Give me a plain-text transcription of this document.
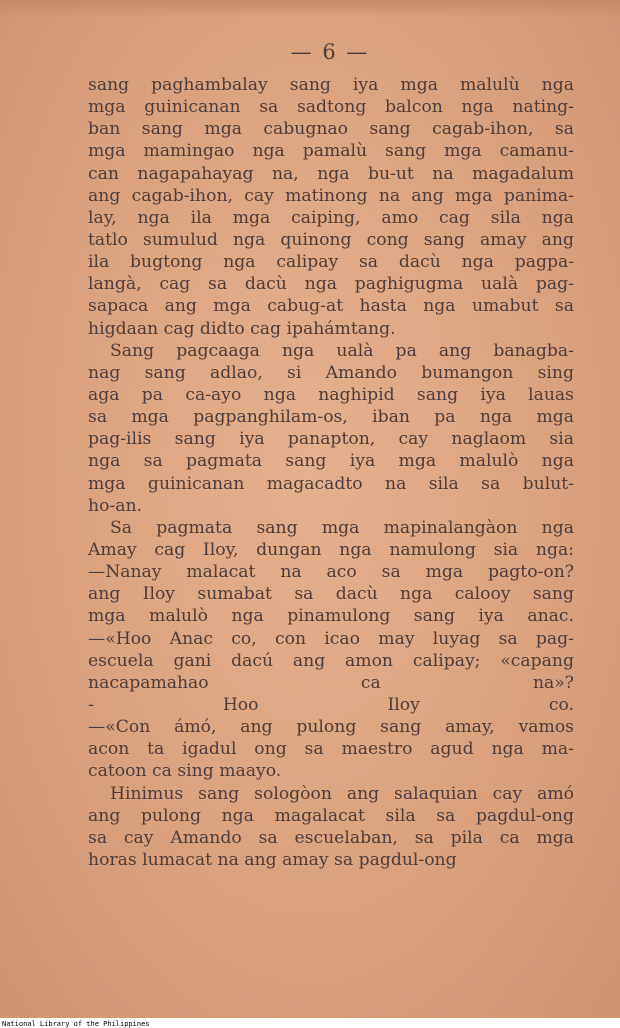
— 6 —
sang paghambalay sang iya mga malulù nga
mga guinicanan sa sadtong balcon nga nating-
ban sang mga cabugnao sang cagab-ihon, sa
mga mamingao nga pamalù sang mga camanu-
can nagapahayag na, nga bu-ut na magadalum
ang cagab-ihon, cay matinong na ang mga panima-
lay, nga ila mga caiping, amo cag sila nga
tatlo sumulud nga quinong cong sang amay ang
ila bugtong nga calipay sa dacù nga pagpa-
langà, cag sa dacù nga paghigugma ualà pag-
sapaca ang mga cabug-at hasta nga umabut sa
higdaan cag didto cag ipahámtang.
Sang pagcaaga nga ualà pa ang banagba-
nag sang adlao, si Amando bumangon sing
aga pa ca-ayo nga naghipid sang iya lauas
sa mga pagpanghilam-os, iban pa nga mga
pag-ilis sang iya panapton, cay naglaom sia
nga sa pagmata sang iya mga malulò nga
mga guinicanan magacadto na sila sa bulut-
ho-an.
Sa pagmata sang mga mapinalangàon nga
Amay cag Iloy, dungan nga namulong sia nga:
—Nanay malacat na aco sa mga pagto-on?
ang Iloy sumabat sa dacù nga calooy sang
mga malulò nga pinamulong sang iya anac.
—«Hoo Anac co, con icao may luyag sa pag-
escuela gani dacú ang amon calipay; «capang
nacapamahao ca na»?
- Hoo Iloy co.
—«Con ámó, ang pulong sang amay, vamos
acon ta igadul ong sa maestro agud nga ma-
catoon ca sing maayo.
Hinimus sang sologòon ang salaquian cay amó
ang pulong nga magalacat sila sa pagdul-ong
sa cay Amando sa escuelaban, sa pila ca mga
horas lumacat na ang amay sa pagdul-ong
National Library of the Philippines
